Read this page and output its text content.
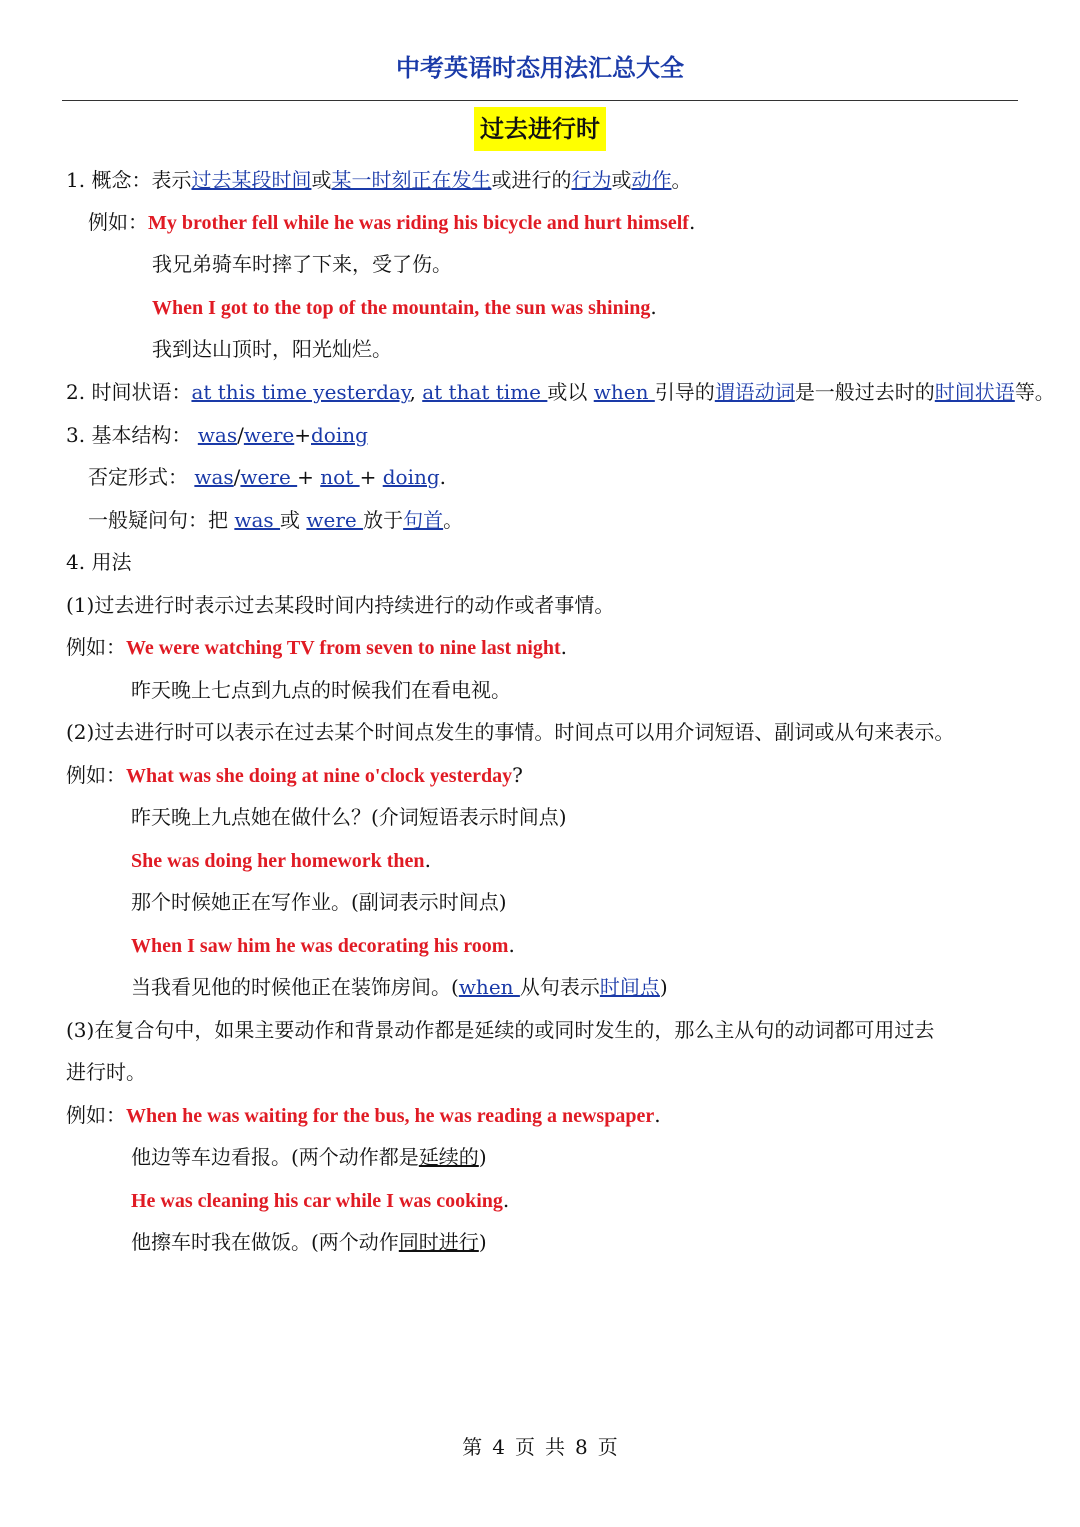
中考英语时态用法汇总大全
过去进行时
1. 概念：表示过去某段时间或某一时刻正在发生或进行的行为或动作。
例如：My brother fell while he was riding his bicycle and hurt himself.
我兄弟骑车时摔了下来，受了伤。
When I got to the top of the mountain, the sun was shining.
我到达山顶时，阳光灿烂。
2. 时间状语：at this time yesterday, at that time 或以 when 引导的谓语动词是一般过去时的时间状语等。
3. 基本结构： was/were+doing
否定形式： was/were + not + doing.
一般疑问句：把 was 或 were 放于句首。
4. 用法
(1)过去进行时表示过去某段时间内持续进行的动作或者事情。
例如：We were watching TV from seven to nine last night.
昨天晚上七点到九点的时候我们在看电视。
(2)过去进行时可以表示在过去某个时间点发生的事情。时间点可以用介词短语、副词或从句来表示。
例如：What was she doing at nine o'clock yesterday?
昨天晚上九点她在做什么？(介词短语表示时间点)
She was doing her homework then.
那个时候她正在写作业。(副词表示时间点)
When I saw him he was decorating his room.
当我看见他的时候他正在装饰房间。(when 从句表示时间点)
(3)在复合句中，如果主要动作和背景动作都是延续的或同时发生的，那么主从句的动词都可用过去
进行时。
例如：When he was waiting for the bus, he was reading a newspaper.
他边等车边看报。(两个动作都是延续的)
He was cleaning his car while I was cooking.
他擦车时我在做饭。(两个动作同时进行)
第 4 页 共 8 页
